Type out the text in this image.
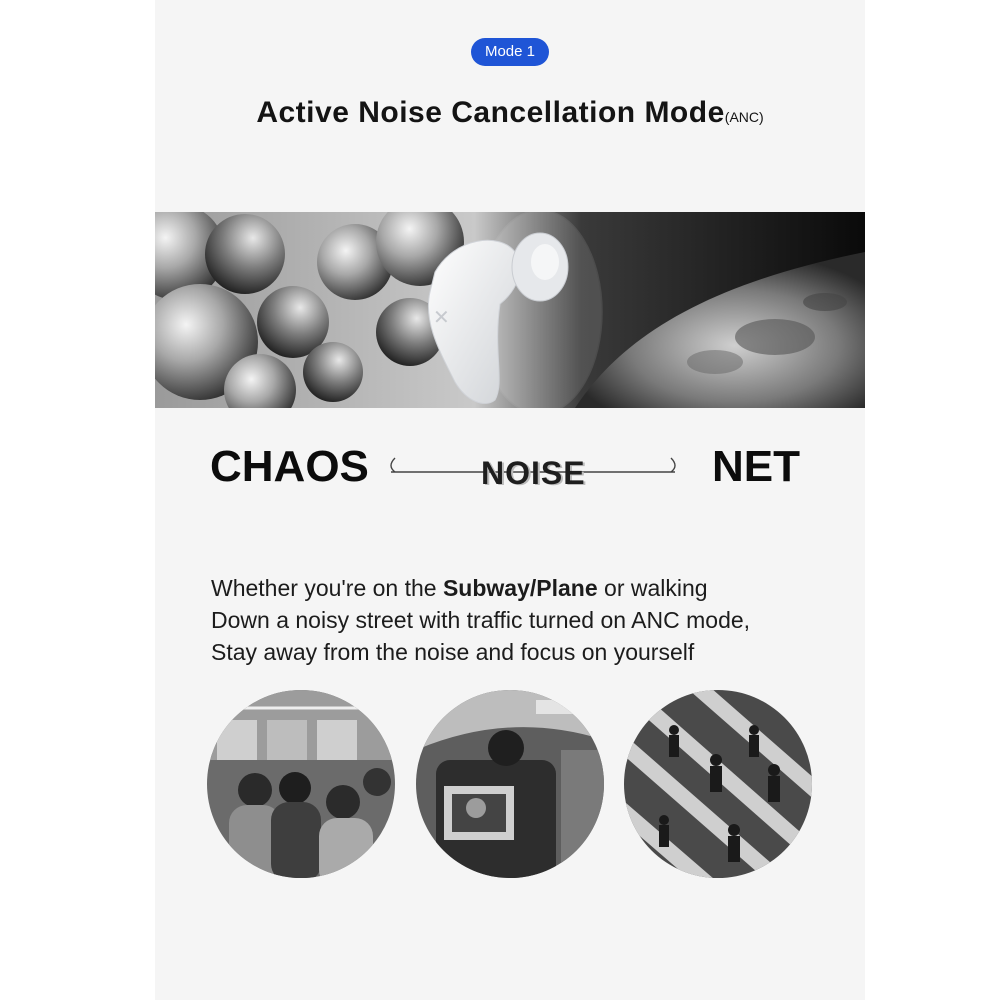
Mode 1
Active Noise Cancellation Mode(ANC)
✕
CHAOS	NOISE	NET
Whether you're on the Subway/Plane or walking
Down a noisy street with traffic turned on ANC mode,
Stay away from the noise and focus on yourself
